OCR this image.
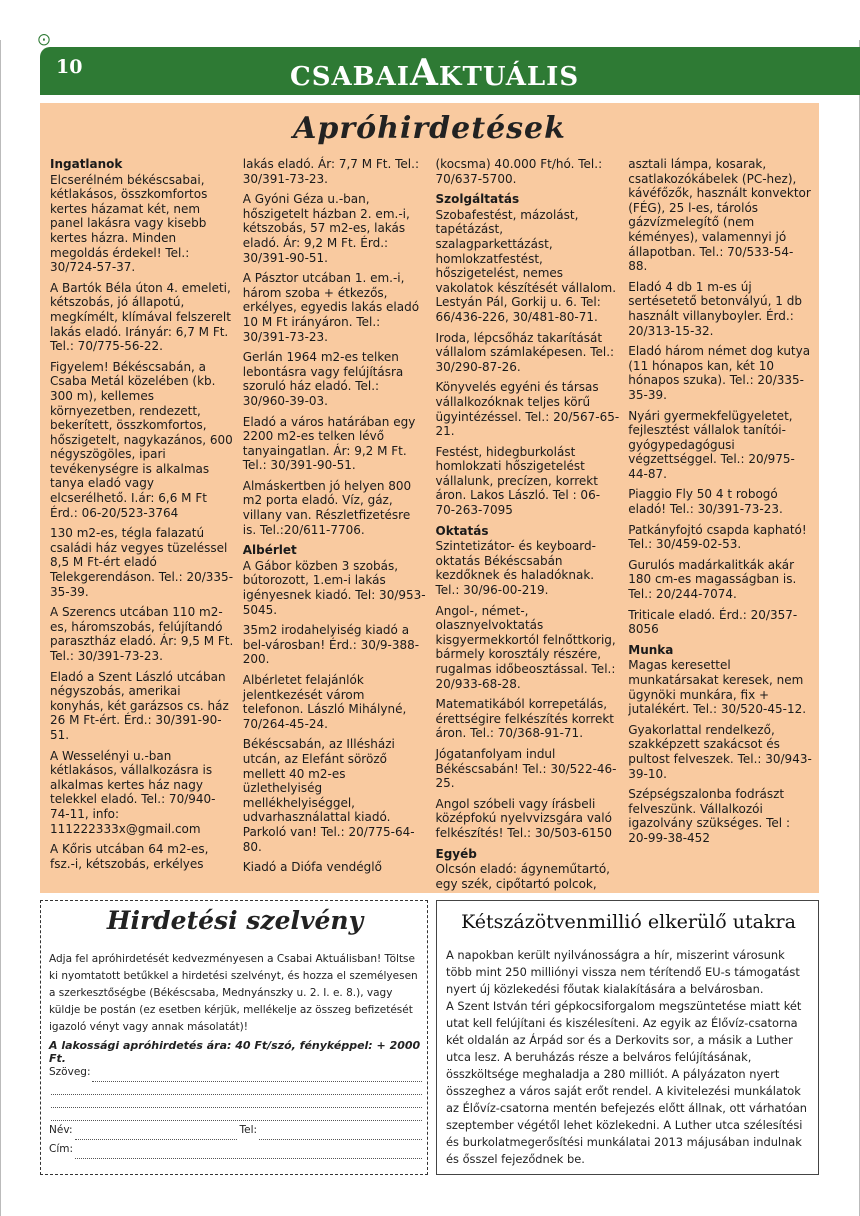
⨀
10	CSABAIAKTUÁLIS
Apróhirdetések
Ingatlanok
Elcserélném békéscsabai, kétlakásos, összkomfortos kertes házamat két, nem panel lakásra vagy kisebb kertes házra. Minden megoldás érdekel! Tel.: 30/724-57-37.
A Bartók Béla úton 4. emeleti, kétszobás, jó állapotú, megkímélt, klímával felszerelt lakás eladó. Irányár: 6,7 M Ft. Tel.: 70/775-56-22.
Figyelem! Békéscsabán, a Csaba Metál közelében (kb. 300 m), kellemes környezetben, rendezett, bekerített, összkomfortos, hőszigetelt, nagykazános, 600 négyszögöles, ipari tevékenységre is alkalmas tanya eladó vagy elcserélhető. I.ár: 6,6 M Ft Érd.: 06-20/523-3764
130 m2-es, tégla falazatú családi ház vegyes tüzeléssel 8,5 M Ft-ért eladó Telekgerendáson. Tel.: 20/335-35-39.
A Szerencs utcában 110 m2-es, háromszobás, felújítandó parasztház eladó. Ár: 9,5 M Ft. Tel.: 30/391-73-23.
Eladó a Szent László utcában négyszobás, amerikai konyhás, két garázsos cs. ház 26 M Ft-ért. Érd.: 30/391-90-51.
A Wesselényi u.-ban kétlakásos, vállalkozásra is alkalmas kertes ház nagy telekkel eladó. Tel.: 70/940-74-11, info: 111222333x@gmail.com
A Kőris utcában 64 m2-es, fsz.-i, kétszobás, erkélyes
lakás eladó. Ár: 7,7 M Ft. Tel.: 30/391-73-23.
A Gyóni Géza u.-ban, hőszigetelt házban 2. em.-i, kétszobás, 57 m2-es, lakás eladó. Ár: 9,2 M Ft. Érd.: 30/391-90-51.
A Pásztor utcában 1. em.-i, három szoba + étkezős, erkélyes, egyedis lakás eladó 10 M Ft irányáron. Tel.: 30/391-73-23.
Gerlán 1964 m2-es telken lebontásra vagy felújításra szoruló ház eladó. Tel.: 30/960-39-03.
Eladó a város határában egy 2200 m2-es telken lévő tanyaingatlan. Ár: 9,2 M Ft. Tel.: 30/391-90-51.
Almáskertben jó helyen 800 m2 porta eladó. Víz, gáz, villany van. Részletfizetésre is. Tel.:20/611-7706.
Albérlet
A Gábor közben 3 szobás, bútorozott, 1.em-i lakás igényesnek kiadó. Tel: 30/953-5045.
35m2 irodahelyiség kiadó a bel-városban! Érd.: 30/9-388-200.
Albérletet felajánlók jelentkezését várom telefonon. László Mihályné, 70/264-45-24.
Békéscsabán, az Illésházi utcán, az Elefánt söröző mellett 40 m2-es üzlethelyiség mellékhelyiséggel, udvarhasználattal kiadó. Parkoló van! Tel.: 20/775-64-80.
Kiadó a Diófa vendéglő
(kocsma) 40.000 Ft/hó. Tel.: 70/637-5700.
Szolgáltatás
Szobafestést, mázolást, tapétázást, szalagparkettázást, homlokzatfestést, hőszigetelést, nemes vakolatok készítését vállalom. Lestyán Pál, Gorkij u. 6. Tel: 66/436-226, 30/481-80-71.
Iroda, lépcsőház takarítását vállalom számlaképesen. Tel.: 30/290-87-26.
Könyvelés egyéni és társas vállalkozóknak teljes körű ügyintézéssel. Tel.: 20/567-65-21.
Festést, hidegburkolást homlokzati hőszigetelést vállalunk, precízen, korrekt áron. Lakos László. Tel : 06-70-263-7095
Oktatás
Szintetizátor- és keyboard-oktatás Békéscsabán kezdőknek és haladóknak. Tel.: 30/96-00-219.
Angol-, német-, olasznyelvoktatás kisgyermekkortól felnőttkorig, bármely korosztály részére, rugalmas időbeosztással. Tel.: 20/933-68-28.
Matematikából korrepetálás, érettségire felkészítés korrekt áron. Tel.: 70/368-91-71.
Jógatanfolyam indul Békéscsabán! Tel.: 30/522-46-25.
Angol szóbeli vagy írásbeli középfokú nyelvvizsgára való felkészítés! Tel.: 30/503-6150
Egyéb
Olcsón eladó: ágyneműtartó, egy szék, cipőtartó polcok,
asztali lámpa, kosarak, csatlakozókábelek (PC-hez), kávéfőzők, használt konvektor (FÉG), 25 l-es, tárolós gázvízmelegítő (nem kéményes), valamennyi jó állapotban. Tel.: 70/533-54-88.
Eladó 4 db 1 m-es új sertésetető betonvályú, 1 db használt villanyboyler. Érd.: 20/313-15-32.
Eladó három német dog kutya (11 hónapos kan, két 10 hónapos szuka). Tel.: 20/335-35-39.
Nyári gyermekfelügyeletet, fejlesztést vállalok tanítói-gyógypedagógusi végzettséggel. Tel.: 20/975-44-87.
Piaggio Fly 50 4 t robogó eladó! Tel.: 30/391-73-23.
Patkányfojtó csapda kapható! Tel.: 30/459-02-53.
Gurulós madárkalitkák akár 180 cm-es magasságban is. Tel.: 20/244-7074.
Triticale eladó. Érd.: 20/357-8056
Munka
Magas keresettel munkatársakat keresek, nem ügynöki munkára, fix + jutalékért. Tel.: 30/520-45-12.
Gyakorlattal rendelkező, szakképzett szakácsot és pultost felveszek. Tel.: 30/943-39-10.
Szépségszalonba fodrászt felveszünk. Vállalkozói igazolvány szükséges. Tel : 20-99-38-452
Hirdetési szelvény
Adja fel apróhirdetését kedvezményesen a Csabai Aktuálisban! Töltse ki nyomtatott betűkkel a hirdetési szelvényt, és hozza el személyesen a szerkesztőségbe (Békéscsaba, Mednyánszky u. 2. I. e. 8.), vagy küldje be postán (ez esetben kérjük, mellékelje az összeg befizetését igazoló vényt vagy annak másolatát)!
A lakossági apróhirdetés ára: 40 Ft/szó, fényképpel: + 2000 Ft.
Szöveg:
Név:	Tel:
Cím:
Kétszázötvenmillió elkerülő utakra

A napokban került nyilvánosságra a hír, miszerint városunk több mint 250 milliónyi vissza nem térítendő EU-s támogatást nyert új közlekedési főutak kialakítására a belvárosban.

A Szent István téri gépkocsiforgalom megszüntetése miatt két utat kell felújítani és kiszélesíteni. Az egyik az Élővíz-csatorna két oldalán az Árpád sor és a Derkovits sor, a másik a Luther utca lesz. A beruházás része a belváros felújításának, összköltsége meghaladja a 280 milliót. A pályázaton nyert összeghez a város saját erőt rendel. A kivitelezési munkálatok az Élővíz-csatorna mentén befejezés előtt állnak, ott várhatóan szeptember végétől lehet közlekedni. A Luther utca szélesítési és burkolatmegerősítési munkálatai 2013 májusában indulnak és ősszel fejeződnek be.
